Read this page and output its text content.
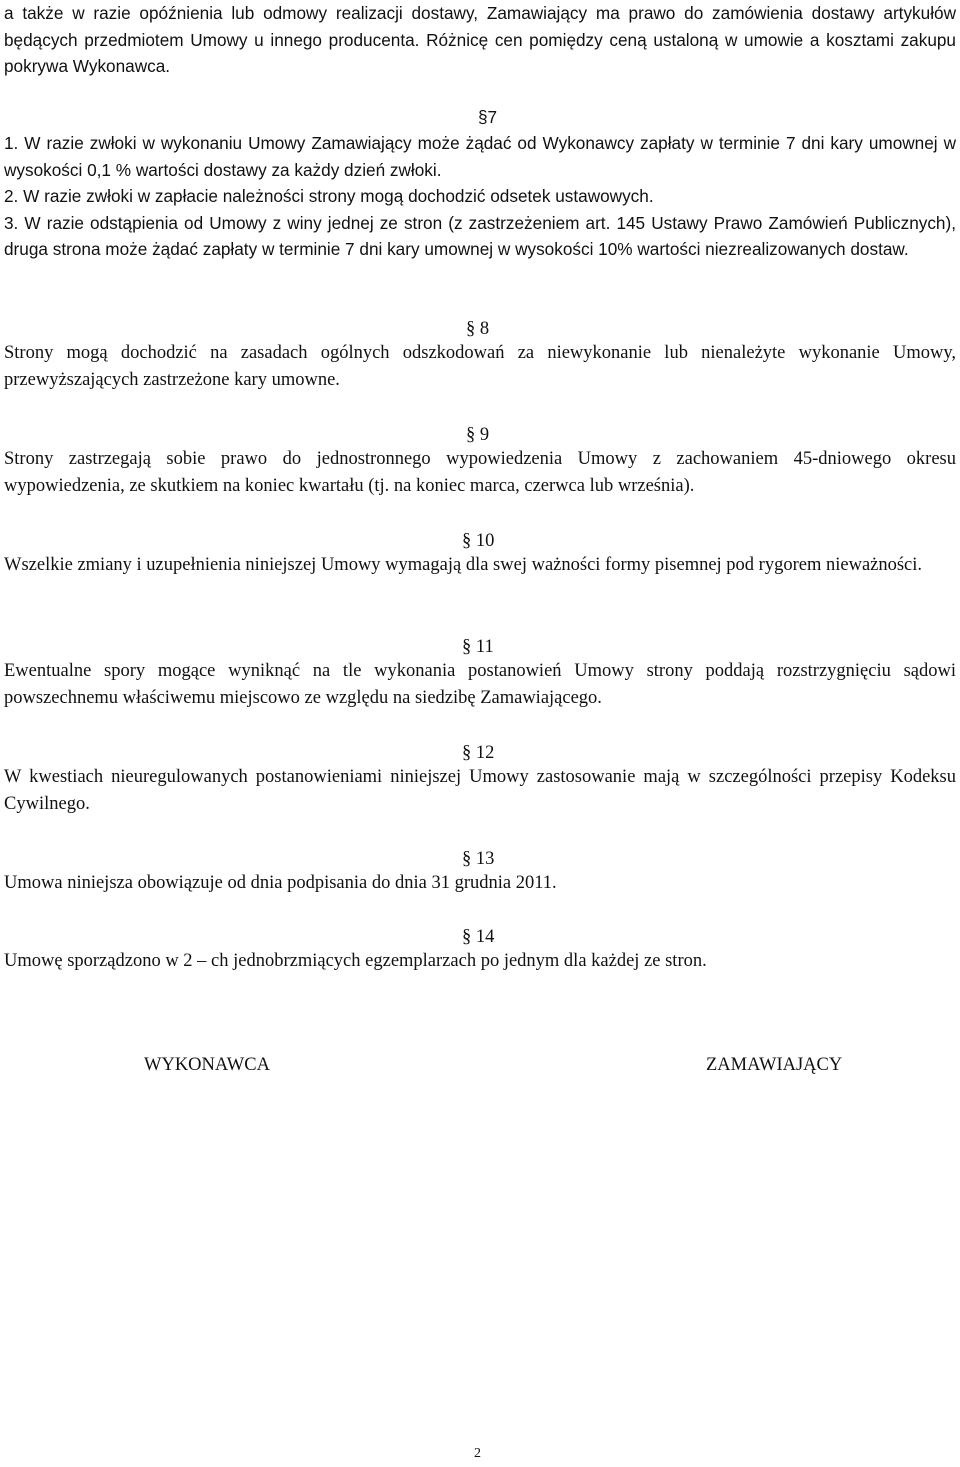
a także w razie opóźnienia lub odmowy realizacji dostawy, Zamawiający ma prawo do zamówienia dostawy artykułów będących przedmiotem Umowy u innego producenta. Różnicę cen pomiędzy ceną ustaloną w umowie a kosztami zakupu pokrywa Wykonawca.

§7

1. W razie zwłoki w wykonaniu Umowy Zamawiający może żądać od Wykonawcy zapłaty w terminie 7 dni kary umownej w wysokości 0,1 % wartości dostawy za każdy dzień zwłoki.

2. W razie zwłoki w zapłacie należności strony mogą dochodzić odsetek ustawowych.

3. W razie odstąpienia od Umowy z winy jednej ze stron (z zastrzeżeniem art. 145 Ustawy Prawo Zamówień Publicznych), druga strona może żądać zapłaty w terminie 7 dni kary umownej w wysokości 10% wartości niezrealizowanych dostaw.

§ 8

Strony mogą dochodzić na zasadach ogólnych odszkodowań za niewykonanie lub nienależyte wykonanie Umowy, przewyższających zastrzeżone kary umowne.

§ 9

Strony zastrzegają sobie prawo do jednostronnego wypowiedzenia Umowy z zachowaniem 45-dniowego okresu wypowiedzenia, ze skutkiem na koniec kwartału (tj. na koniec marca, czerwca lub września).

§ 10

Wszelkie zmiany i uzupełnienia niniejszej Umowy wymagają dla swej ważności formy pisemnej pod rygorem nieważności.

§ 11

Ewentualne spory mogące wyniknąć na tle wykonania postanowień Umowy strony poddają rozstrzygnięciu sądowi powszechnemu właściwemu miejscowo ze względu na siedzibę Zamawiającego.

§ 12

W kwestiach nieuregulowanych postanowieniami niniejszej Umowy zastosowanie mają w szczególności przepisy Kodeksu Cywilnego.

§ 13

Umowa niniejsza obowiązuje od dnia podpisania do dnia 31 grudnia 2011.

§ 14

Umowę sporządzono w 2 – ch jednobrzmiących egzemplarzach po jednym dla każdej ze stron.

WYKONAWCA	ZAMAWIAJĄCY
2
